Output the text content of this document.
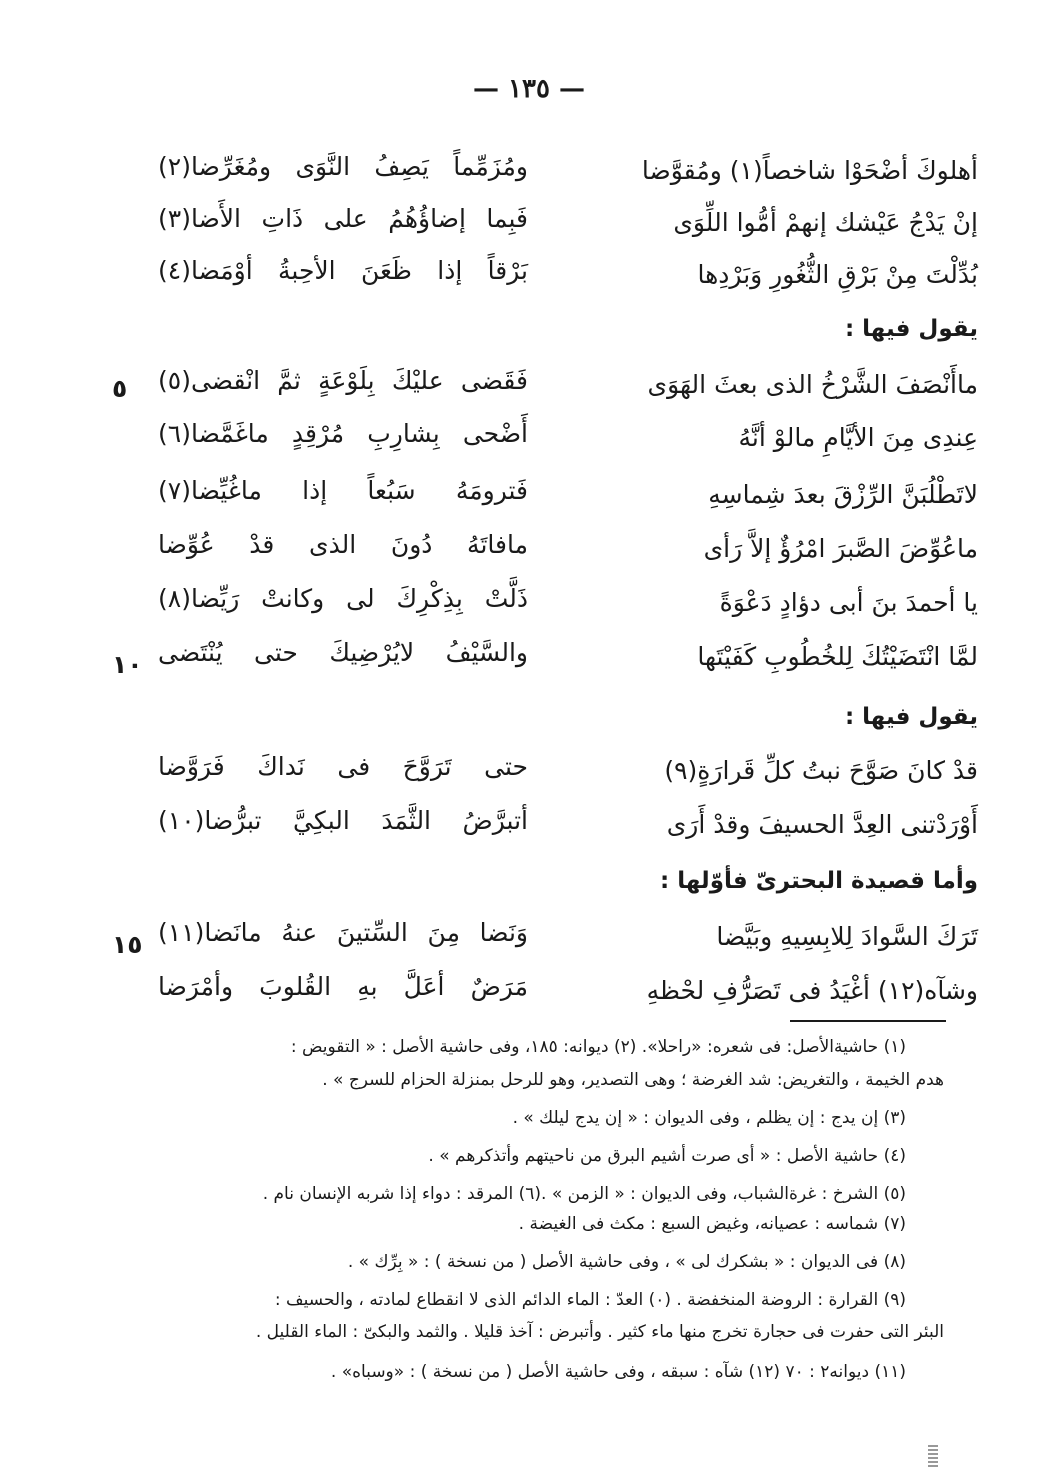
— ١٣٥ —
أهلوكَ أضْحَوْا شاخصاً(١) ومُقوَّضا
ومُزَمِّماً يَصِفُ النَّوَى ومُغَرِّضا(٢)
إنْ يَدْجُ عَيْشك إنهمْ أمُّوا اللِّوَى
فَبِما إضاؤُهُمُ على ذَاتِ الأَضا(٣)
بُدِّلْتَ مِنْ بَرْقِ الثُّغُورِ وَبَرْدِها
بَرْقاً إذا ظَعَنَ الأحِبةُ أوْمَضا(٤)
يقول فيها :
ماأَنْصَفَ الشَّرْخُ الذى بعثَ الهَوَى
فَقَضى عليْكَ بِلَوْعَةٍ ثمَّ انْقضى(٥)
٥
عِندِى مِنَ الأيَّامِ مالوْ أنَّهُ
أَضْحى بِشارِبِ مُرْقِدٍ ماغَمَّضا(٦)
لاتَطْلُبَنَّ الرِّزْقَ بعدَ شِماسِهِ
فَترومَهُ سَبُعاً إذا ماغُيِّضا(٧)
ماعُوِّضَ الصَّبرَ امْرُؤٌ إلاَّ رَأى
مافاتَهُ دُونَ الذى قدْ عُوِّضا
يا أحمدَ بنَ أبى دؤادٍ دَعْوَةً
ذَلَّتْ بِذِكْرِكَ لى وكانتْ رَيِّضا(٨)
لمَّا انْتَضَيْتُكَ لِلخُطُوبِ كَفَيْتَها
والسَّيْفُ لايُرْضِيكَ حتى يُنْتَضى
١٠
يقول فيها :
قدْ كانَ صَوَّحَ نبتُ كلِّ قَرارَةٍ(٩)
حتى تَرَوَّحَ فى نَداكَ فَرَوَّضا
أَوْرَدْتنى العِدَّ الحسيفَ وقدْ أَرَى
أتبرَّضُ الثَّمَدَ البكِيَّ تبرُّضا(١٠)
وأما قصيدة البحترىّ فأوّلها :
تَرَكَ السَّوادَ لِلابِسِيهِ وبَيَّضا
وَنَضا مِنَ السِّتينَ عنهُ مانَضا(١١)
١٥
وشآه(١٢) أغْيَدُ فى تَصَرُّفِ لحْظهِ
مَرَضٌ أعَلَّ بهِ القُلوبَ وأمْرَضا
(١) حاشيةالأصل: فى شعره: «راحلا». (٢) ديوانه: ١٨٥، وفى حاشية الأصل : « التقويض :
هدم الخيمة ، والتغريض: شد الغرضة ؛ وهى التصدير، وهو للرحل بمنزلة الحزام للسرج » .
(٣) إن يدج : إن يظلم ، وفى الديوان : « إن يدج ليلك » .
(٤) حاشية الأصل : « أى صرت أشيم البرق من ناحيتهم وأتذكرهم » .
(٥) الشرخ : غرةالشباب، وفى الديوان : « الزمن » .(٦) المرقد : دواء إذا شربه الإنسان نام .
(٧) شماسه : عصيانه، وغيض السبع : مكث فى الغيضة .
(٨) فى الديوان : « بشكرك لى » ، وفى حاشية الأصل ( من نسخة ) : « بِرِّك » .
(٩) القرارة : الروضة المنخفضة . (٠) العدّ : الماء الدائم الذى لا انقطاع لمادته ، والحسيف :
البئر التى حفرت فى حجارة تخرج منها ماء كثير . وأتبرض : آخذ قليلا . والثمد والبكىّ : الماء القليل .
(١١) ديوانه٢ : ٧٠ (١٢) شآه : سبقه ، وفى حاشية الأصل ( من نسخة ) : «وسباه» .
